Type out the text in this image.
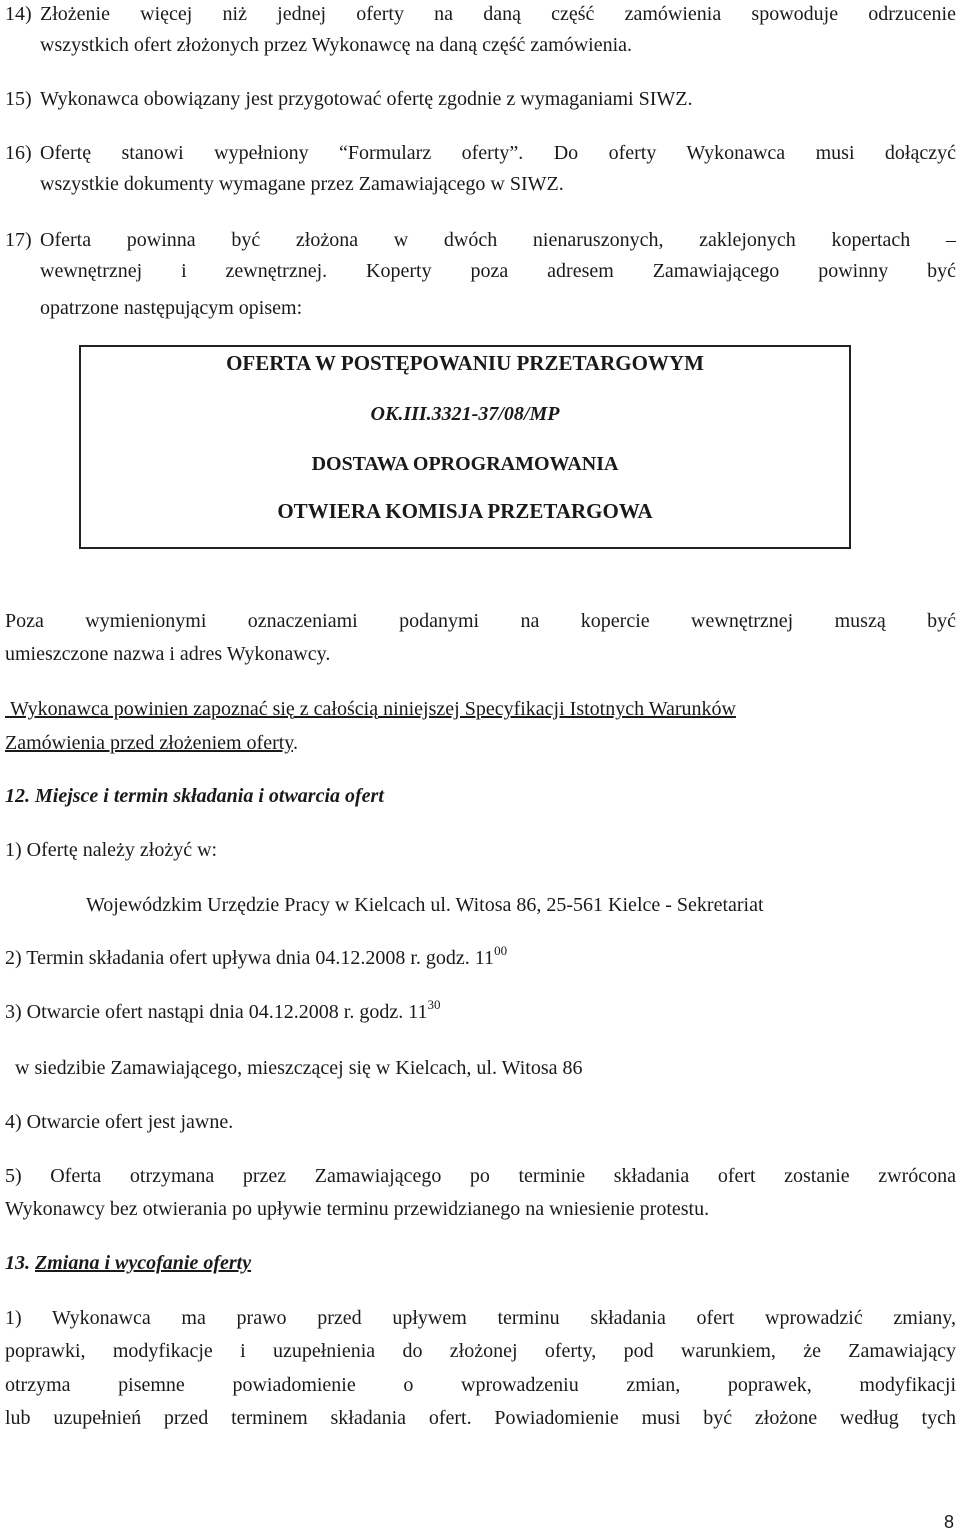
14) Złożenie więcej niż jednej oferty na daną część zamówienia spowoduje odrzucenie
wszystkich ofert złożonych przez Wykonawcę na daną część zamówienia.
15) Wykonawca obowiązany jest przygotować ofertę zgodnie z wymaganiami SIWZ.
16) Ofertę stanowi wypełniony “Formularz oferty”. Do oferty Wykonawca musi dołączyć
wszystkie dokumenty wymagane przez Zamawiającego w SIWZ.
17) Oferta powinna być złożona w dwóch nienaruszonych, zaklejonych kopertach –
wewnętrznej i zewnętrznej. Koperty poza adresem Zamawiającego powinny być
opatrzone następującym opisem:
OFERTA W POSTĘPOWANIU PRZETARGOWYM
OK.III.3321-37/08/MP
DOSTAWA OPROGRAMOWANIA
OTWIERA KOMISJA PRZETARGOWA
Poza wymienionymi oznaczeniami podanymi na kopercie wewnętrznej muszą być
umieszczone nazwa i adres Wykonawcy.
Wykonawca powinien zapoznać się z całością niniejszej Specyfikacji Istotnych Warunków
Zamówienia przed złożeniem oferty.
12. Miejsce i termin składania i otwarcia ofert
1) Ofertę należy złożyć w:
Wojewódzkim Urzędzie Pracy w Kielcach ul. Witosa 86, 25-561 Kielce - Sekretariat
2) Termin składania ofert upływa dnia 04.12.2008 r. godz. $11^{00}$
3) Otwarcie ofert nastąpi dnia 04.12.2008 r. godz. $11^{30}$
w siedzibie Zamawiającego, mieszczącej się w Kielcach, ul. Witosa 86
4) Otwarcie ofert jest jawne.
5) Oferta otrzymana przez Zamawiającego po terminie składania ofert zostanie zwrócona
Wykonawcy bez otwierania po upływie terminu przewidzianego na wniesienie protestu.
13. Zmiana i wycofanie oferty
1) Wykonawca ma prawo przed upływem terminu składania ofert wprowadzić zmiany,
poprawki, modyfikacje i uzupełnienia do złożonej oferty, pod warunkiem, że Zamawiający
otrzyma pisemne powiadomienie o wprowadzeniu zmian, poprawek, modyfikacji
lub uzupełnień przed terminem składania ofert. Powiadomienie musi być złożone według tych
8
